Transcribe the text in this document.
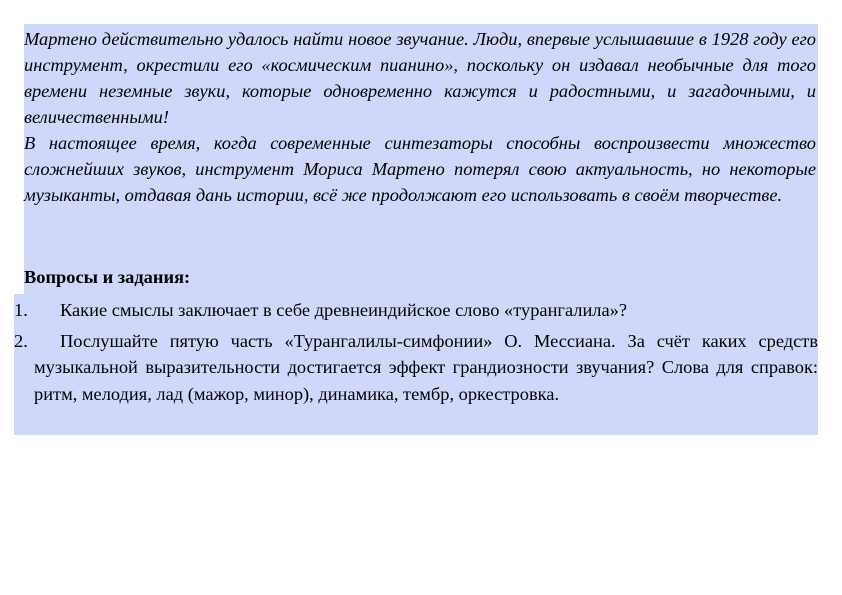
Мартено действительно удалось найти новое звучание. Люди, впервые услышавшие в 1928 году его инструмент, окрестили его «космическим пианино», поскольку он издавал необычные для того времени неземные звуки, которые одновременно кажутся и радостными, и загадочными, и величественными!

В настоящее время, когда современные синтезаторы способны воспроизвести множество сложнейших звуков, инструмент Мориса Мартено потерял свою актуальность, но некоторые музыканты, отдавая дань истории, всё же продолжают его использовать в своём творчестве.

Вопросы и задания:

1. Какие смыслы заключает в себе древнеиндийское слово «турангалила»?
2. Послушайте пятую часть «Турангалилы-симфонии» О. Мессиана. За счёт каких средств музыкальной выразительности достигается эффект грандиозности звучания? Слова для справок: ритм, мелодия, лад (мажор, минор), динамика, тембр, оркестровка.
